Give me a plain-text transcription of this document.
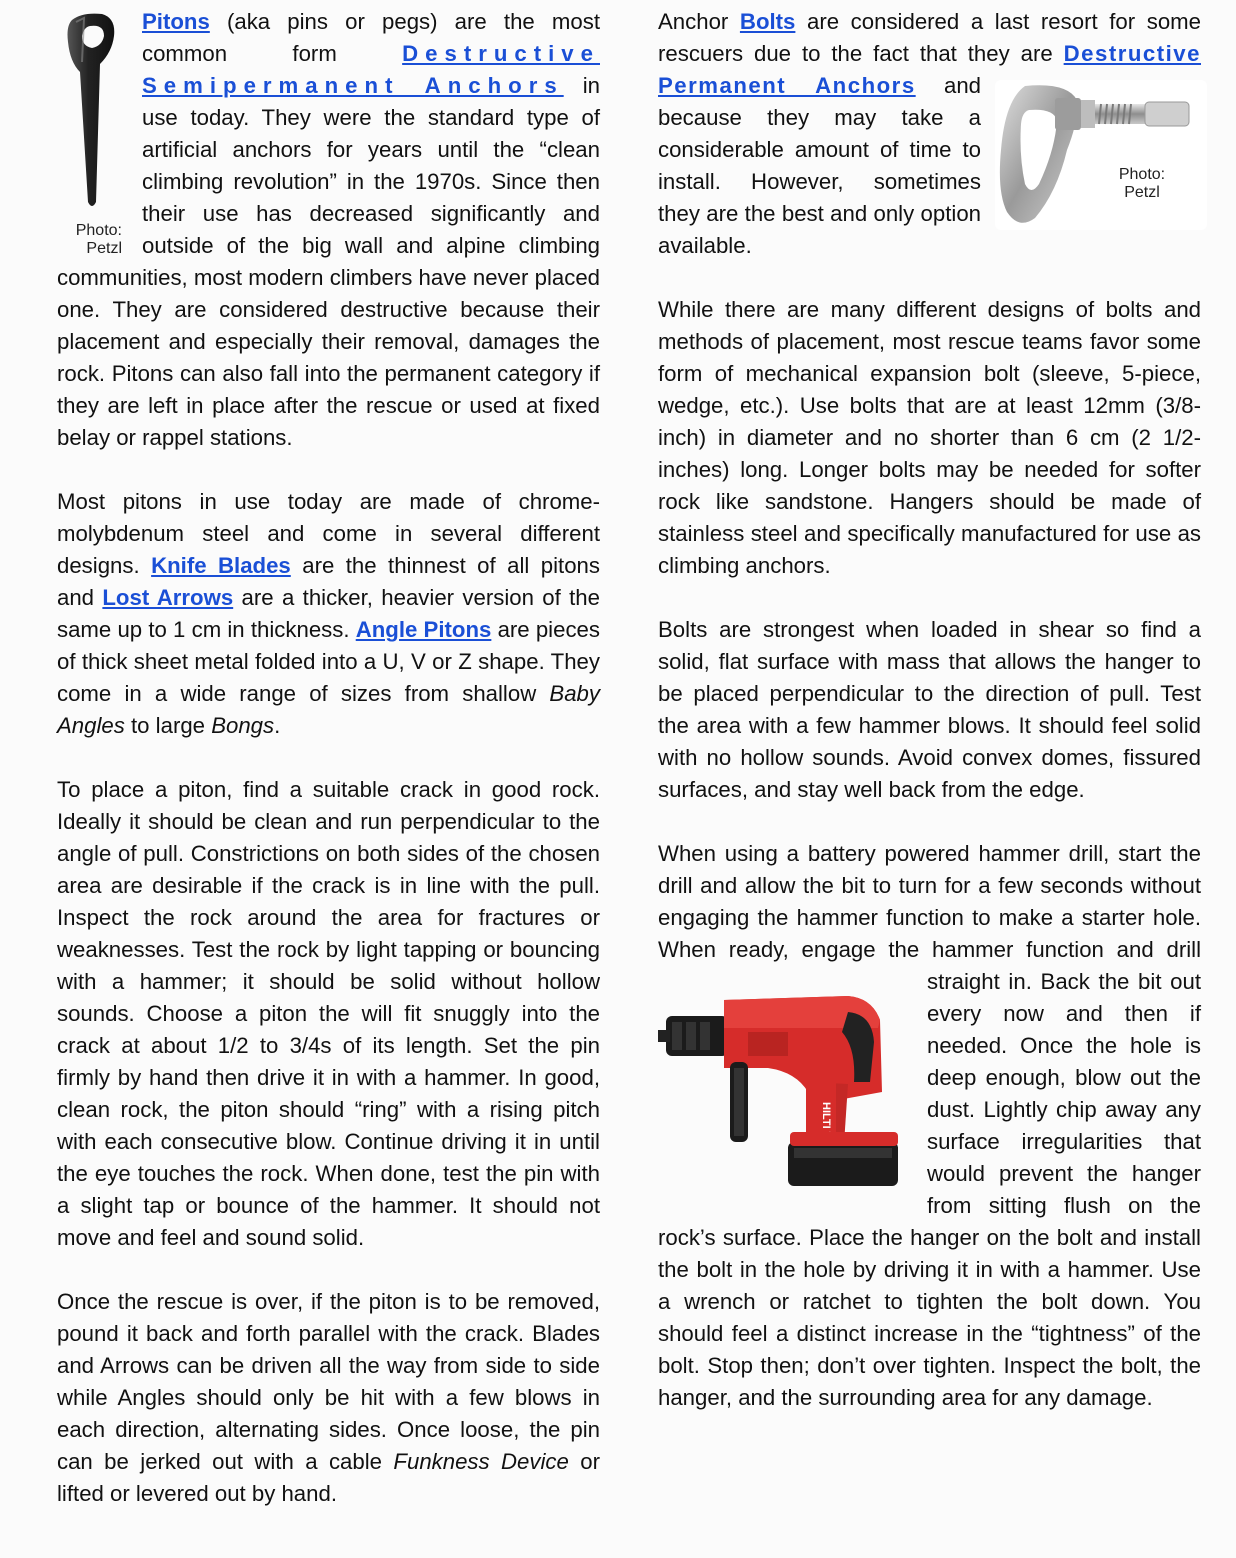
Photo: Petzl
Pitons (aka pins or pegs) are the most common form Destructive Semipermanent Anchors in use today. They were the standard type of artificial anchors for years until the “clean climbing revolution” in the 1970s. Since then their use has decreased significantly and outside of the big wall and alpine climbing communities, most modern climbers have never placed one. They are considered destructive because their placement and especially their removal, damages the rock. Pitons can also fall into the permanent category if they are left in place after the rescue or used at fixed belay or rappel stations.

Most pitons in use today are made of chrome-molybdenum steel and come in several different designs. Knife Blades are the thinnest of all pitons and Lost Arrows are a thicker, heavier version of the same up to 1 cm in thickness. Angle Pitons are pieces of thick sheet metal folded into a U, V or Z shape. They come in a wide range of sizes from shallow Baby Angles to large Bongs.

To place a piton, find a suitable crack in good rock. Ideally it should be clean and run perpendicular to the angle of pull. Constrictions on both sides of the chosen area are desirable if the crack is in line with the pull. Inspect the rock around the area for fractures or weaknesses. Test the rock by light tapping or bouncing with a hammer; it should be solid without hollow sounds. Choose a piton the will fit snuggly into the crack at about 1/2 to 3/4s of its length. Set the pin firmly by hand then drive it in with a hammer. In good, clean rock, the piton should “ring” with a rising pitch with each consecutive blow. Continue driving it in until the eye touches the rock. When done, test the pin with a slight tap or bounce of the hammer. It should not move and feel and sound solid.

Once the rescue is over, if the piton is to be removed, pound it back and forth parallel with the crack. Blades and Arrows can be driven all the way from side to side while Angles should only be hit with a few blows in each direction, alternating sides. Once loose, the pin can be jerked out with a cable Funkness Device or lifted or levered out by hand.

Anchor Bolts are considered a last resort for some rescuers due to the fact that they are Destructive Permanent Anchors
Photo: Petzl
and because they may take a considerable amount of time to install. However, sometimes they are the best and only option available.

While there are many different designs of bolts and methods of placement, most rescue teams favor some form of mechanical expansion bolt (sleeve, 5-piece, wedge, etc.). Use bolts that are at least 12mm (3/8-inch) in diameter and no shorter than 6 cm (2 1/2-inches) long. Longer bolts may be needed for softer rock like sandstone. Hangers should be made of stainless steel and specifically manufactured for use as climbing anchors.

Bolts are strongest when loaded in shear so find a solid, flat surface with mass that allows the hanger to be placed perpendicular to the direction of pull. Test the area with a few hammer blows. It should feel solid with no hollow sounds. Avoid convex domes, fissured surfaces, and stay well back from the edge.

When using a battery powered hammer drill, start the drill and allow the bit to turn for a few seconds without engaging the hammer function to make a starter hole. When ready, engage the hammer
function and drill straight in. Back the bit out every now and then if needed. Once the hole is deep enough, blow out the dust. Lightly chip away any surface irregularities that would prevent the hanger from sitting flush on the rock’s surface. Place the hanger on the bolt and install the bolt in the hole by driving it in with a hammer. Use a wrench or ratchet to tighten the bolt down. You should feel a distinct increase in the “tightness” of the bolt. Stop then; don’t over tighten. Inspect the bolt, the hanger, and the surrounding area for any damage.
